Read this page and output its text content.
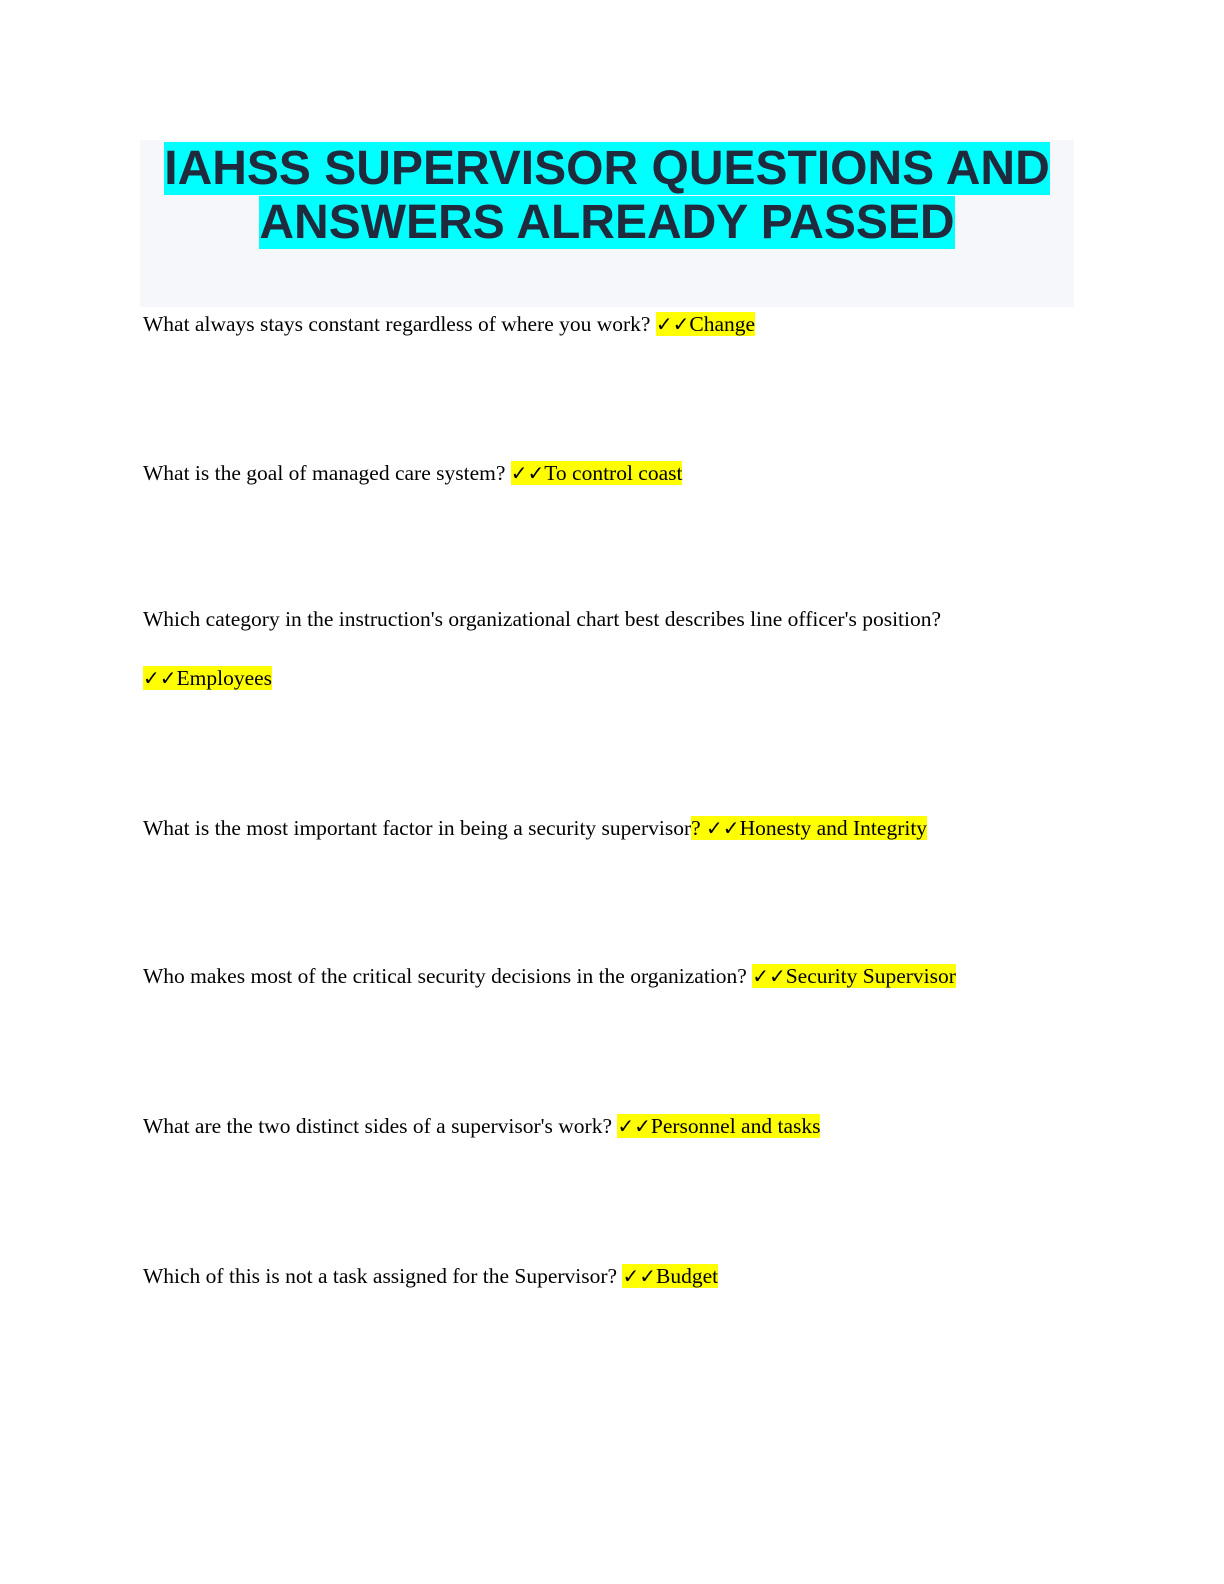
IAHSS SUPERVISOR QUESTIONS AND
ANSWERS ALREADY PASSED

What always stays constant regardless of where you work? ✓✓Change

What is the goal of managed care system? ✓✓To control coast

Which category in the instruction's organizational chart best describes line officer's position?

✓✓Employees

What is the most important factor in being a security supervisor? ✓✓Honesty and Integrity

Who makes most of the critical security decisions in the organization? ✓✓Security Supervisor

What are the two distinct sides of a supervisor's work? ✓✓Personnel and tasks

Which of this is not a task assigned for the Supervisor? ✓✓Budget
